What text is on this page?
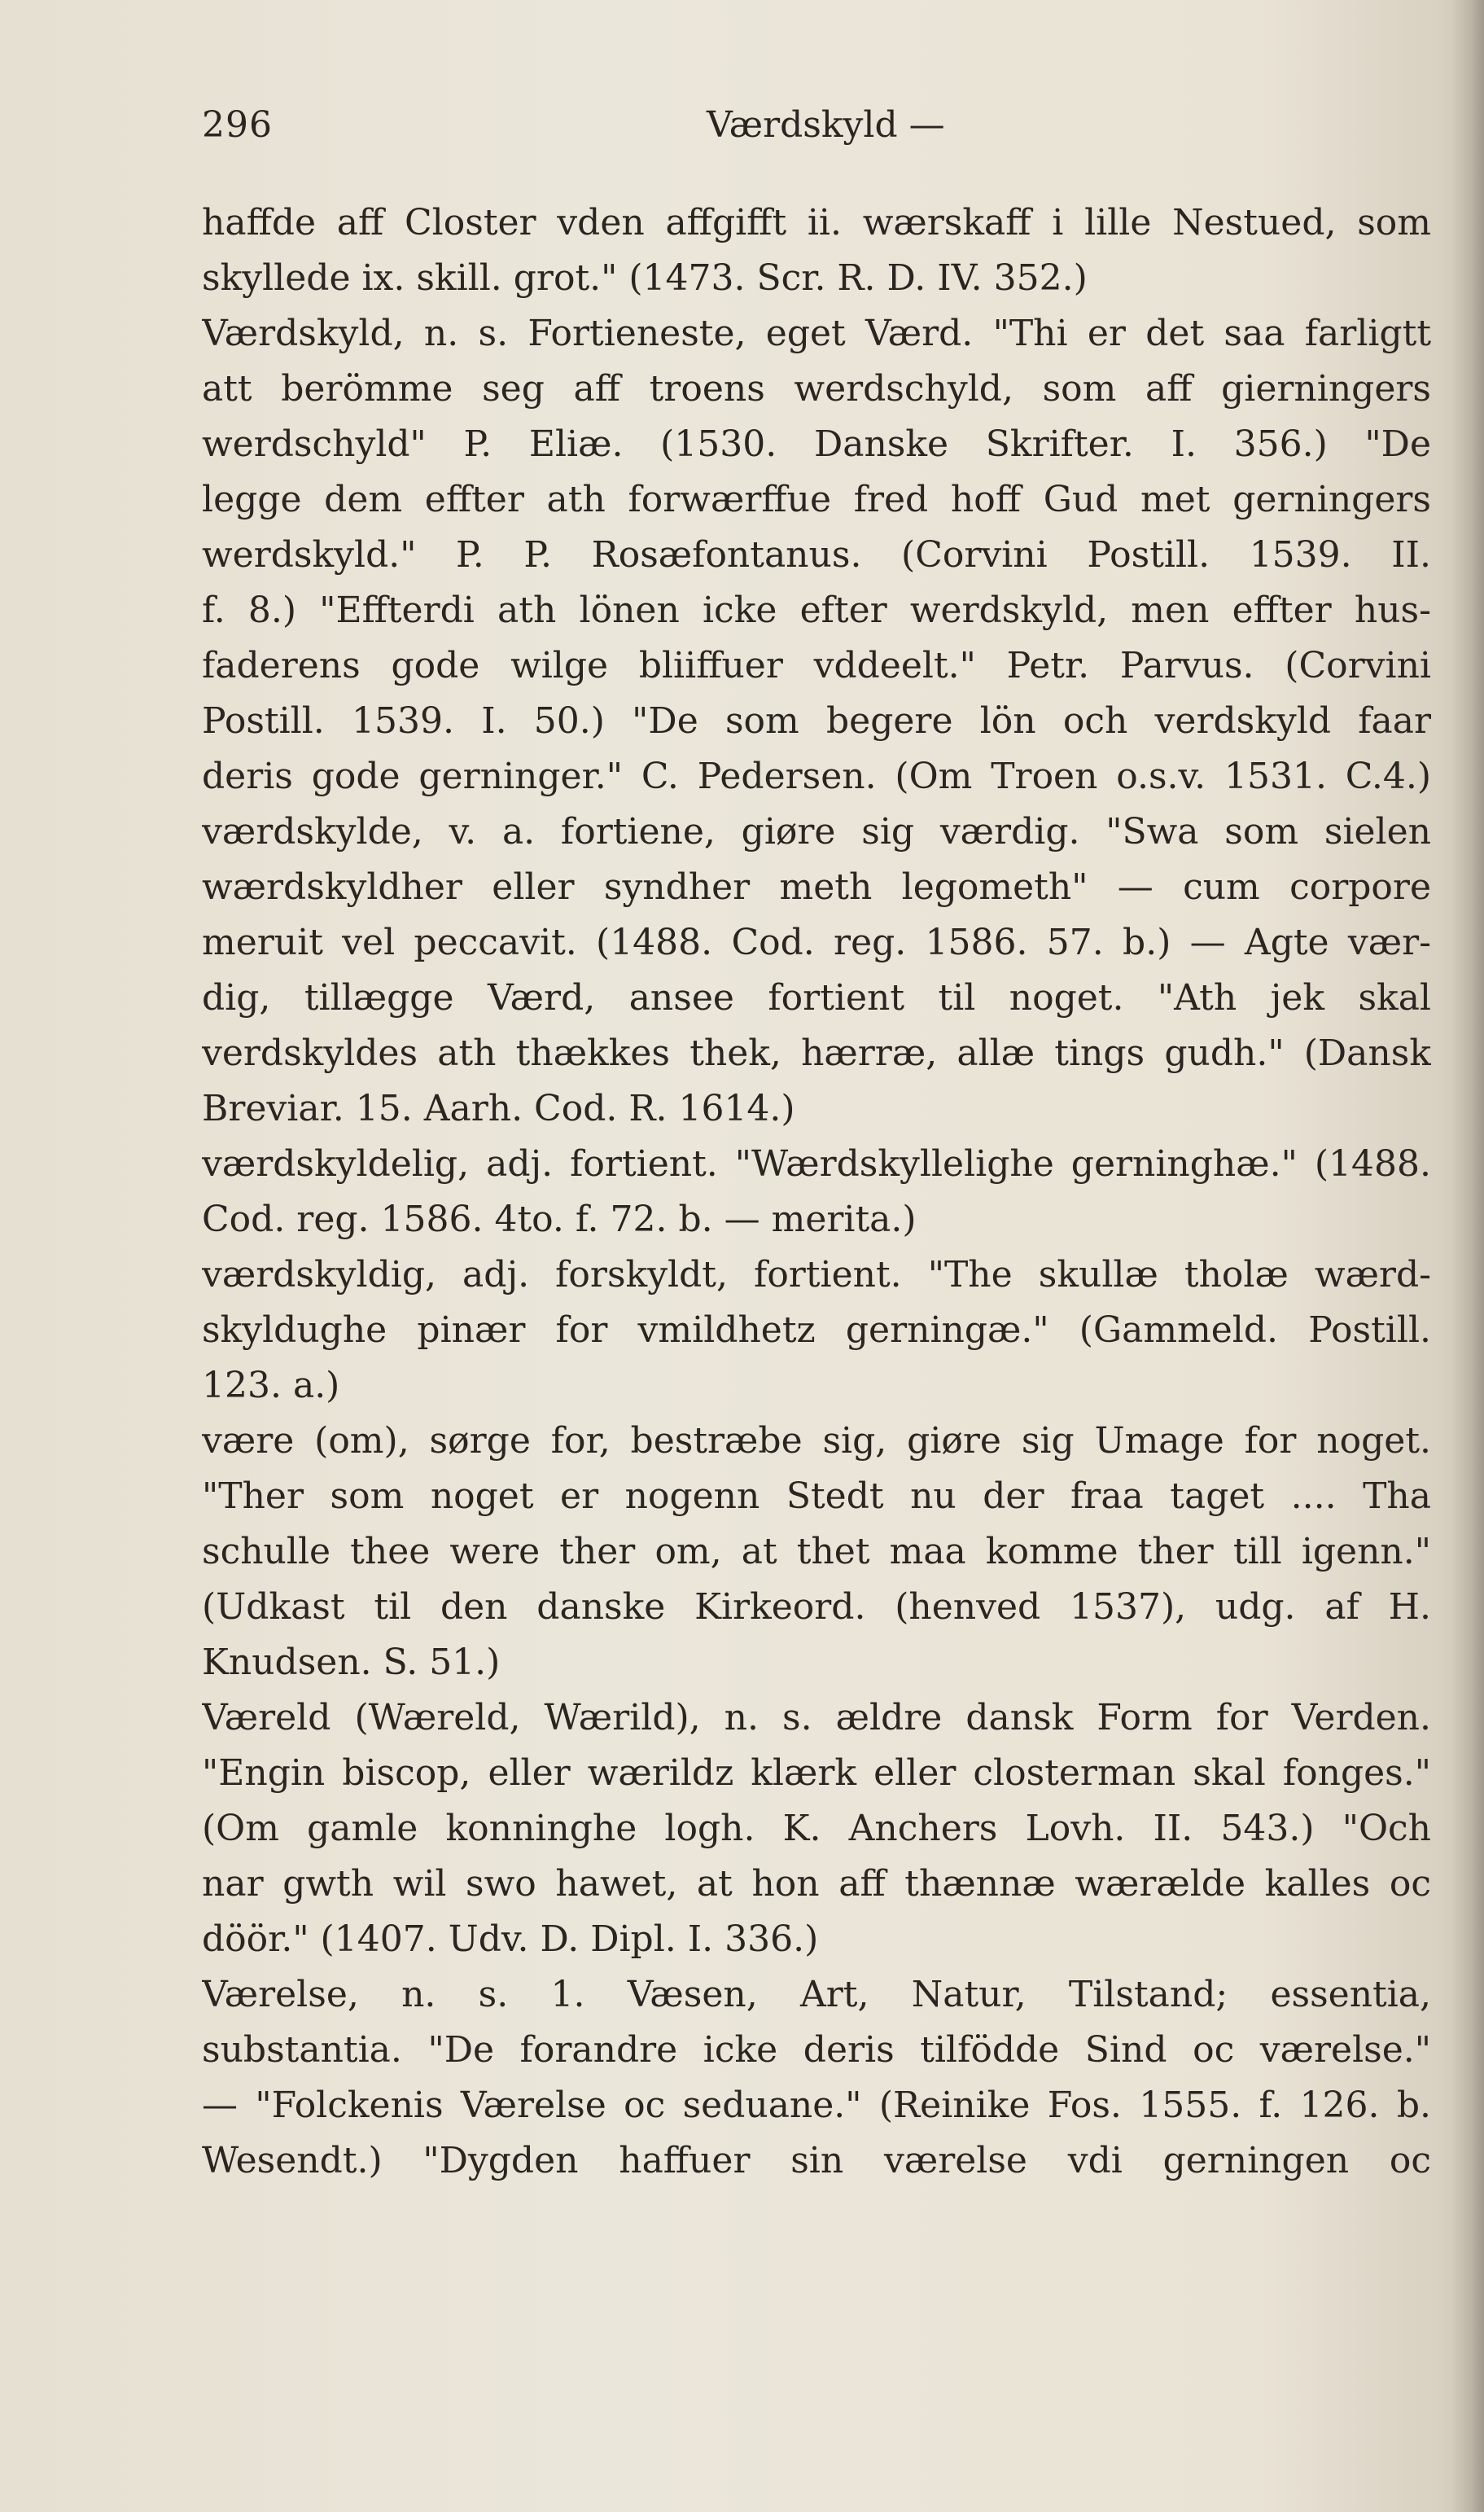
296	Værdskyld —
haffde aff Closter vden affgifft ii. wærskaff i lille Nestued, som
skyllede ix. skill. grot." (1473. Scr. R. D. IV. 352.)
Værdskyld, n. s. Fortieneste, eget Værd. "Thi er det saa farligtt
att berömme seg aff troens werdschyld, som aff gierningers
werdschyld" P. Eliæ. (1530. Danske Skrifter. I. 356.) "De
legge dem effter ath forwærffue fred hoff Gud met gerningers
werdskyld." P. P. Rosæfontanus. (Corvini Postill. 1539. II.
f. 8.) "Effterdi ath lönen icke efter werdskyld, men effter hus-
faderens gode wilge bliiffuer vddeelt." Petr. Parvus. (Corvini
Postill. 1539. I. 50.) "De som begere lön och verdskyld faar
deris gode gerninger." C. Pedersen. (Om Troen o.s.v. 1531. C.4.)
værdskylde, v. a. fortiene, giøre sig værdig. "Swa som sielen
wærdskyldher eller syndher meth legometh" — cum corpore
meruit vel peccavit. (1488. Cod. reg. 1586. 57. b.) — Agte vær-
dig, tillægge Værd, ansee fortient til noget. "Ath jek skal
verdskyldes ath thækkes thek, hærræ, allæ tings gudh." (Dansk
Breviar. 15. Aarh. Cod. R. 1614.)
værdskyldelig, adj. fortient. "Wærdskyllelighe gerninghæ." (1488.
Cod. reg. 1586. 4to. f. 72. b. — merita.)
værdskyldig, adj. forskyldt, fortient. "The skullæ tholæ wærd-
skyldughe pinær for vmildhetz gerningæ." (Gammeld. Postill.
123. a.)
være (om), sørge for, bestræbe sig, giøre sig Umage for noget.
"Ther som noget er nogenn Stedt nu der fraa taget .... Tha
schulle thee were ther om, at thet maa komme ther till igenn."
(Udkast til den danske Kirkeord. (henved 1537), udg. af H.
Knudsen. S. 51.)
Væreld (Wæreld, Wærild), n. s. ældre dansk Form for Verden.
"Engin biscop, eller wærildz klærk eller closterman skal fonges."
(Om gamle konninghe logh. K. Anchers Lovh. II. 543.) "Och
nar gwth wil swo hawet, at hon aff thænnæ wærælde kalles oc
döör." (1407. Udv. D. Dipl. I. 336.)
Værelse, n. s. 1. Væsen, Art, Natur, Tilstand; essentia,
substantia. "De forandre icke deris tilfödde Sind oc værelse."
— "Folckenis Værelse oc seduane." (Reinike Fos. 1555. f. 126. b.
Wesendt.) "Dygden haffuer sin værelse vdi gerningen oc
